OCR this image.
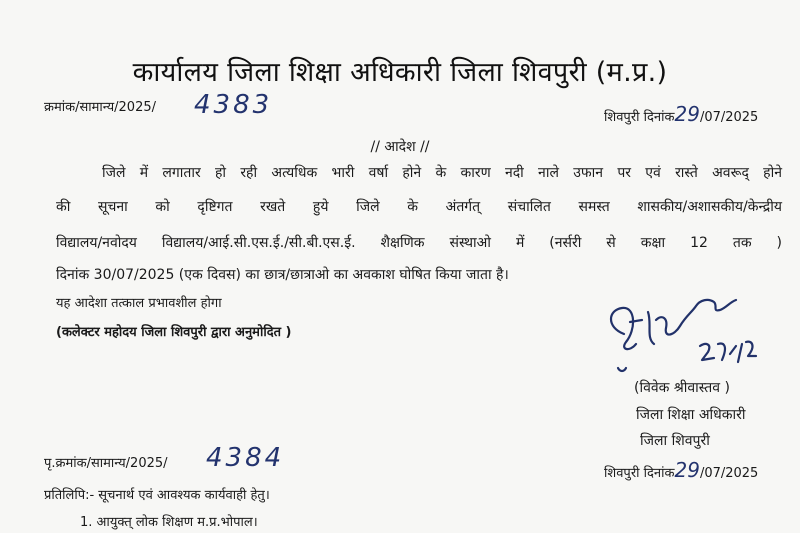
कार्यालय जिला शिक्षा अधिकारी जिला शिवपुरी (म.प्र.)
क्रमांक/सामान्य/2025/ 4383	शिवपुरी दिनांक29/07/2025
// आदेश //
जिले में लगातार हो रही अत्यधिक भारी वर्षा होने के कारण नदी नाले उफान पर एवं रास्ते अवरूद् होने
की सूचना को दृष्टिगत रखते हुये जिले के अंतर्गत् संचालित समस्त शासकीय/अशासकीय/केन्द्रीय
विद्यालय/नवोदय विद्यालय/आई.सी.एस.ई./सी.बी.एस.ई. शैक्षणिक संस्थाओ में (नर्सरी से कक्षा 12 तक )
दिनांक 30/07/2025 (एक दिवस) का छात्र/छात्राओ का अवकाश घोषित किया जाता है।
यह आदेशा तत्काल प्रभावशील होगा
(कलेक्टर महोदय जिला शिवपुरी द्वारा अनुमोदित )
(विवेक श्रीवास्तव )
जिला शिक्षा अधिकारी
जिला शिवपुरी
पृ.क्रमांक/सामान्य/2025/ 4384
शिवपुरी दिनांक29/07/2025
प्रतिलिपि:- सूचनार्थ एवं आवश्यक कार्यवाही हेतु।
1. आयुक्त् लोक शिक्षण म.प्र.भोपाल।
